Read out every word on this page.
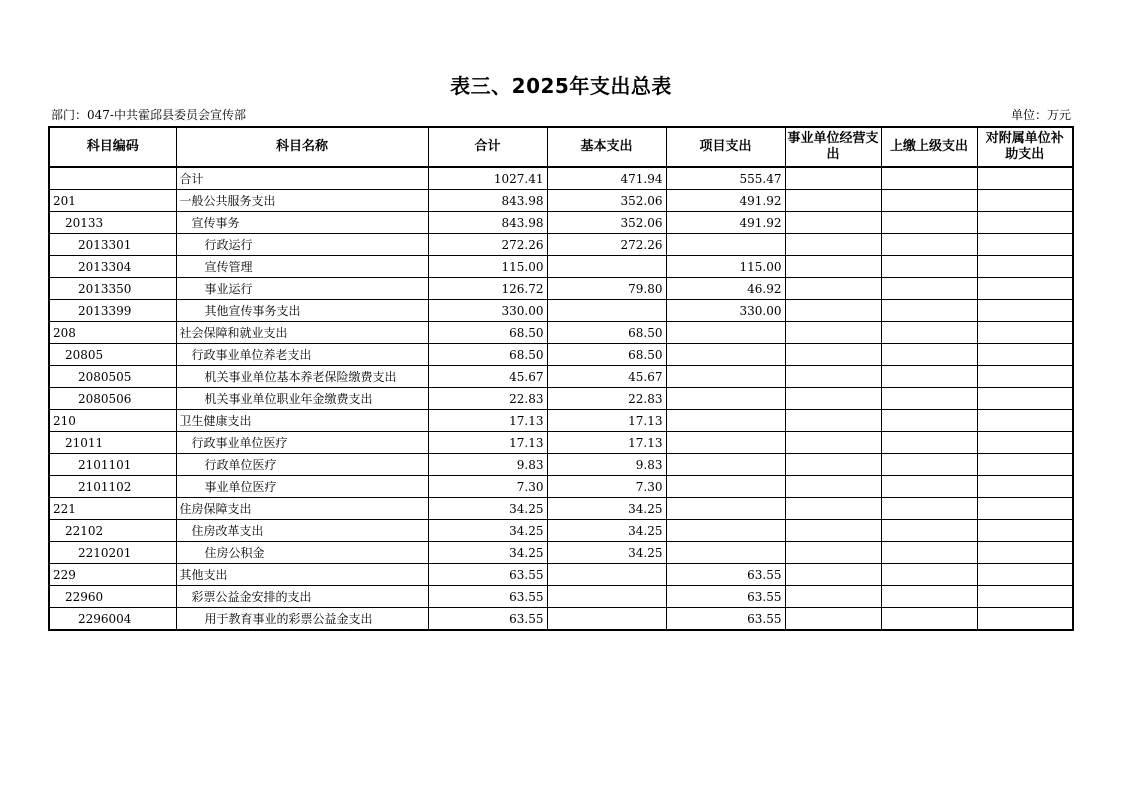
表三、2025年支出总表
部门：047-中共霍邱县委员会宣传部	单位：万元
科目编码	科目名称	合计	基本支出	项目支出	事业单位经营支出	上缴上级支出	对附属单位补助支出
	合计	1027.41	471.94	555.47			
201	一般公共服务支出	843.98	352.06	491.92			
20133	宣传事务	843.98	352.06	491.92			
2013301	行政运行	272.26	272.26				
2013304	宣传管理	115.00		115.00			
2013350	事业运行	126.72	79.80	46.92			
2013399	其他宣传事务支出	330.00		330.00			
208	社会保障和就业支出	68.50	68.50				
20805	行政事业单位养老支出	68.50	68.50				
2080505	机关事业单位基本养老保险缴费支出	45.67	45.67				
2080506	机关事业单位职业年金缴费支出	22.83	22.83				
210	卫生健康支出	17.13	17.13				
21011	行政事业单位医疗	17.13	17.13				
2101101	行政单位医疗	9.83	9.83				
2101102	事业单位医疗	7.30	7.30				
221	住房保障支出	34.25	34.25				
22102	住房改革支出	34.25	34.25				
2210201	住房公积金	34.25	34.25				
229	其他支出	63.55		63.55			
22960	彩票公益金安排的支出	63.55		63.55			
2296004	用于教育事业的彩票公益金支出	63.55		63.55			
